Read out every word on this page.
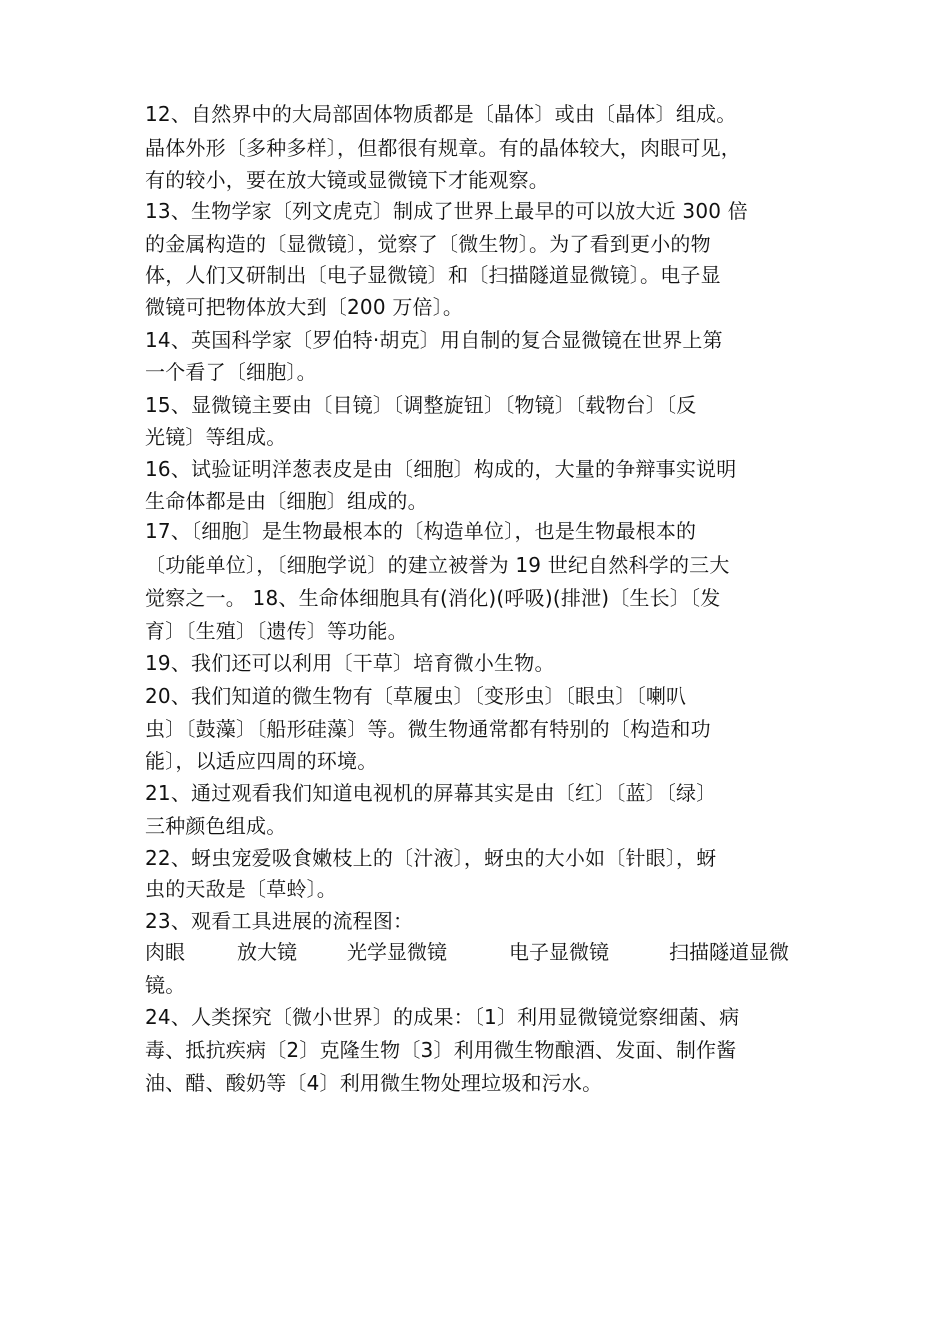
12、自然界中的大局部固体物质都是〔晶体〕或由〔晶体〕组成。
晶体外形〔多种多样〕，但都很有规章。有的晶体较大，肉眼可见，
有的较小，要在放大镜或显微镜下才能观察。
13、生物学家〔列文虎克〕制成了世界上最早的可以放大近 300 倍
的金属构造的〔显微镜〕，觉察了〔微生物〕。为了看到更小的物
体，人们又研制出〔电子显微镜〕和〔扫描隧道显微镜〕。电子显
微镜可把物体放大到〔200 万倍〕。
14、英国科学家〔罗伯特·胡克〕用自制的复合显微镜在世界上第
一个看了〔细胞〕。
15、显微镜主要由〔目镜〕〔调整旋钮〕〔物镜〕〔载物台〕〔反
光镜〕等组成。
16、试验证明洋葱表皮是由〔细胞〕构成的，大量的争辩事实说明
生命体都是由〔细胞〕组成的。
17、〔细胞〕是生物最根本的〔构造单位〕，也是生物最根本的
〔功能单位〕，〔细胞学说〕的建立被誉为 19 世纪自然科学的三大
觉察之一。 18、生命体细胞具有(消化)(呼吸)(排泄)〔生长〕〔发
育〕〔生殖〕〔遗传〕等功能。
19、我们还可以利用〔干草〕培育微小生物。
20、我们知道的微生物有〔草履虫〕〔变形虫〕〔眼虫〕〔喇叭
虫〕〔鼓藻〕〔船形硅藻〕等。微生物通常都有特别的〔构造和功
能〕，以适应四周的环境。
21、通过观看我们知道电视机的屏幕其实是由〔红〕〔蓝〕〔绿〕
三种颜色组成。
22、蚜虫宠爱吸食嫩枝上的〔汁液〕，蚜虫的大小如〔针眼〕，蚜
虫的天敌是〔草蛉〕。
23、观看工具进展的流程图：
肉眼	放大镜	光学显微镜	电子显微镜	扫描隧道显微
镜。
24、人类探究〔微小世界〕的成果：〔1〕利用显微镜觉察细菌、病
毒、抵抗疾病〔2〕克隆生物〔3〕利用微生物酿酒、发面、制作酱
油、醋、酸奶等〔4〕利用微生物处理垃圾和污水。
